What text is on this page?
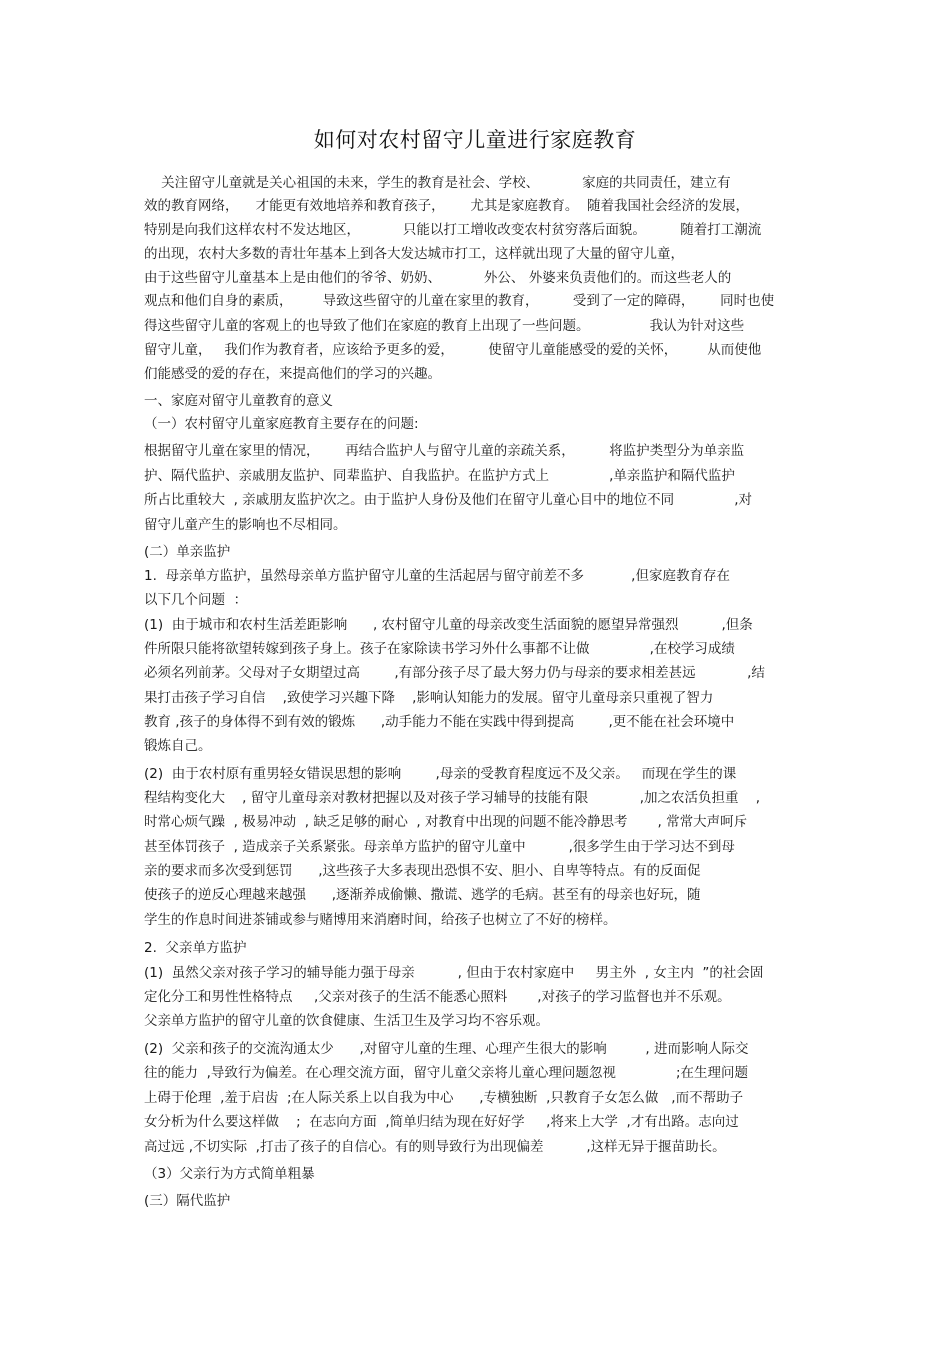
如何对农村留守儿童进行家庭教育
关注留守儿童就是关心祖国的未来，学生的教育是社会、学校、          家庭的共同责任，建立有
效的教育网络，    才能更有效地培养和教育孩子，      尤其是家庭教育。  随着我国社会经济的发展，
特别是向我们这样农村不发达地区，          只能以打工增收改变农村贫穷落后面貌。        随着打工潮流
的出现，农村大多数的青壮年基本上到各大发达城市打工，这样就出现了大量的留守儿童，
由于这些留守儿童基本上是由他们的爷爷、奶奶、          外公、 外婆来负责他们的。而这些老人的
观点和他们自身的素质，       导致这些留守的儿童在家里的教育，        受到了一定的障碍，      同时也使
得这些留守儿童的客观上的也导致了他们在家庭的教育上出现了一些问题。              我认为针对这些
留守儿童，   我们作为教育者，应该给予更多的爱，        使留守儿童能感受的爱的关怀，       从而使他
们能感受的爱的存在，来提高他们的学习的兴趣。
一、家庭对留守儿童教育的意义
（一）农村留守儿童家庭教育主要存在的问题:
根据留守儿童在家里的情况，      再结合监护人与留守儿童的亲疏关系，        将监护类型分为单亲监
护、隔代监护、亲戚朋友监护、同辈监护、自我监护。在监护方式上              ,单亲监护和隔代监护
所占比重较大  , 亲戚朋友监护次之。由于监护人身份及他们在留守儿童心目中的地位不同              ,对
留守儿童产生的影响也不尽相同。
(二）单亲监护
1.  母亲单方监护，虽然母亲单方监护留守儿童的生活起居与留守前差不多           ,但家庭教育存在
以下几个问题  ：
(1)  由于城市和农村生活差距影响      , 农村留守儿童的母亲改变生活面貌的愿望异常强烈          ,但条
件所限只能将欲望转嫁到孩子身上。孩子在家除读书学习外什么事都不让做              ,在校学习成绩
必须名列前茅。父母对子女期望过高        ,有部分孩子尽了最大努力仍与母亲的要求相差甚远            ,结
果打击孩子学习自信    ,致使学习兴趣下降    ,影响认知能力的发展。留守儿童母亲只重视了智力
教育 ,孩子的身体得不到有效的锻炼      ,动手能力不能在实践中得到提高        ,更不能在社会环境中
锻炼自己。
(2)  由于农村原有重男轻女错误思想的影响        ,母亲的受教育程度远不及父亲。   而现在学生的课
程结构变化大    , 留守儿童母亲对教材把握以及对孩子学习辅导的技能有限            ,加之农活负担重    ,
时常心烦气躁  , 极易冲动  , 缺乏足够的耐心  , 对教育中出现的问题不能冷静思考       , 常常大声呵斥
甚至体罚孩子  , 造成亲子关系紧张。母亲单方监护的留守儿童中          ,很多学生由于学习达不到母
亲的要求而多次受到惩罚      ,这些孩子大多表现出恐惧不安、胆小、自卑等特点。有的反面促
使孩子的逆反心理越来越强      ,逐渐养成偷懒、撒谎、逃学的毛病。甚至有的母亲也好玩，随
学生的作息时间进茶铺或参与赌博用来消磨时间，给孩子也树立了不好的榜样。
2.  父亲单方监护
(1)  虽然父亲对孩子学习的辅导能力强于母亲          , 但由于农村家庭中     男主外  , 女主内  ”的社会固
定化分工和男性性格特点     ,父亲对孩子的生活不能悉心照料       ,对孩子的学习监督也并不乐观。
父亲单方监护的留守儿童的饮食健康、生活卫生及学习均不容乐观。
(2)  父亲和孩子的交流沟通太少      ,对留守儿童的生理、心理产生很大的影响         , 进而影响人际交
往的能力  ,导致行为偏差。在心理交流方面，留守儿童父亲将儿童心理问题忽视              ;在生理问题
上碍于伦理  ,羞于启齿  ;在人际关系上以自我为中心      ,专横独断  ,只教育子女怎么做   ,而不帮助子
女分析为什么要这样做    ;  在志向方面  ,简单归结为现在好好学     ,将来上大学  ,才有出路。志向过
高过远 ,不切实际  ,打击了孩子的自信心。有的则导致行为出现偏差          ,这样无异于揠苗助长。
（3）父亲行为方式简单粗暴
(三）隔代监护
